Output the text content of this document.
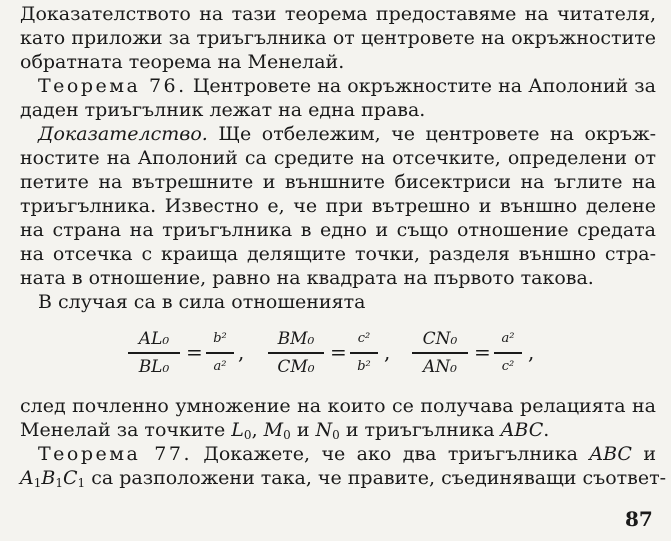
Доказателството на тази теорема предоставяме на читателя,
като приложи за триъгълника от центровете на окръжностите
обратната теорема на Менелай.
Теорема 76. Центровете на окръжностите на Аполоний за
даден триъгълник лежат на една права.
Доказателство. Ще отбележим, че центровете на окръж-
ностите на Аполоний са средите на отсечките, определени от
петите на вътрешните и външните бисектриси на ъглите на
триъгълника. Известно е, че при вътрешно и външно делене
на страна на триъгълника в едно и също отношение средата
на отсечка с краища делящите точки, разделя външно стра-
ната в отношение, равно на квадрата на първото такова.
В случая са в сила отношенията
AL₀
BL₀
=
b²
a²
,
BM₀
CM₀
=
c²
b²
,
CN₀
AN₀
=
a²
c²
,
след почленно умножение на които се получава релацията на
Менелай за точките $L_0$, $M_0$ и $N_0$ и триъгълника ABC.
Теорема 77. Докажете, че ако два триъгълника ABC и
$A_1B_1C_1$ са разположени така, че правите, съединяващи съответ-
87
